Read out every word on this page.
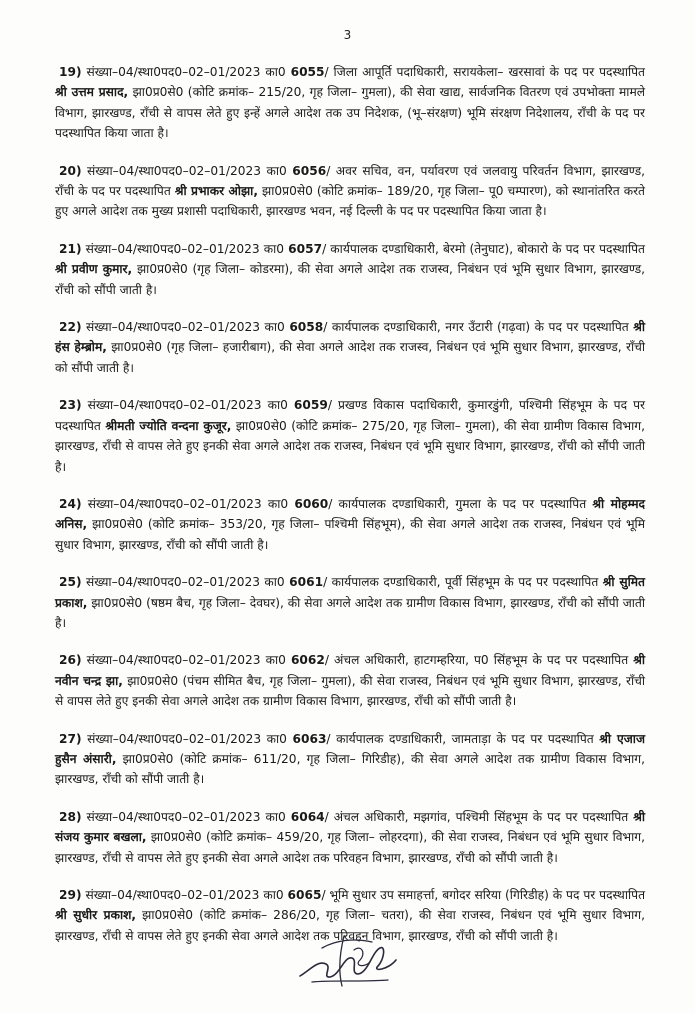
3

19) संख्या–04/स्था0पद0–02–01/2023 का0 6055/ जिला आपूर्ति पदाधिकारी, सरायकेला– खरसावां के पद पर पदस्थापित श्री उत्तम प्रसाद, झा0प्र0से0 (कोटि क्रमांक– 215/20, गृह जिला– गुमला), की सेवा खाद्य, सार्वजनिक वितरण एवं उपभोक्ता मामले विभाग, झारखण्ड, राँची से वापस लेते हुए इन्हें अगले आदेश तक उप निदेशक, (भू–संरक्षण) भूमि संरक्षण निदेशालय, राँची के पद पर पदस्थापित किया जाता है।

20) संख्या–04/स्था0पद0–02–01/2023 का0 6056/ अवर सचिव, वन, पर्यावरण एवं जलवायु परिवर्तन विभाग, झारखण्ड, राँची के पद पर पदस्थापित श्री प्रभाकर ओझा, झा0प्र0से0 (कोटि क्रमांक– 189/20, गृह जिला– पू0 चम्पारण), को स्थानांतरित करते हुए अगले आदेश तक मुख्य प्रशासी पदाधिकारी, झारखण्ड भवन, नई दिल्ली के पद पर पदस्थापित किया जाता है।

21) संख्या–04/स्था0पद0–02–01/2023 का0 6057/ कार्यपालक दण्डाधिकारी, बेरमो (तेनुघाट), बोकारो के पद पर पदस्थापित श्री प्रवीण कुमार, झा0प्र0से0 (गृह जिला– कोडरमा), की सेवा अगले आदेश तक राजस्व, निबंधन एवं भूमि सुधार विभाग, झारखण्ड, राँची को सौंपी जाती है।

22) संख्या–04/स्था0पद0–02–01/2023 का0 6058/ कार्यपालक दण्डाधिकारी, नगर उँटारी (गढ़वा) के पद पर पदस्थापित श्री हंस हेम्ब्रोम, झा0प्र0से0 (गृह जिला– हजारीबाग), की सेवा अगले आदेश तक राजस्व, निबंधन एवं भूमि सुधार विभाग, झारखण्ड, राँची को सौंपी जाती है।

23) संख्या–04/स्था0पद0–02–01/2023 का0 6059/ प्रखण्ड विकास पदाधिकारी, कुमारडुंगी, पश्चिमी सिंहभूम के पद पर पदस्थापित श्रीमती ज्योति वन्दना कुजूर, झा0प्र0से0 (कोटि क्रमांक– 275/20, गृह जिला– गुमला), की सेवा ग्रामीण विकास विभाग, झारखण्ड, राँची से वापस लेते हुए इनकी सेवा अगले आदेश तक राजस्व, निबंधन एवं भूमि सुधार विभाग, झारखण्ड, राँची को सौंपी जाती है।

24) संख्या–04/स्था0पद0–02–01/2023 का0 6060/ कार्यपालक दण्डाधिकारी, गुमला के पद पर पदस्थापित श्री मोहम्मद अनिस, झा0प्र0से0 (कोटि क्रमांक– 353/20, गृह जिला– पश्चिमी सिंहभूम), की सेवा अगले आदेश तक राजस्व, निबंधन एवं भूमि सुधार विभाग, झारखण्ड, राँची को सौंपी जाती है।

25) संख्या–04/स्था0पद0–02–01/2023 का0 6061/ कार्यपालक दण्डाधिकारी, पूर्वी सिंहभूम के पद पर पदस्थापित श्री सुमित प्रकाश, झा0प्र0से0 (षष्ठम बैच, गृह जिला– देवघर), की सेवा अगले आदेश तक ग्रामीण विकास विभाग, झारखण्ड, राँची को सौंपी जाती है।

26) संख्या–04/स्था0पद0–02–01/2023 का0 6062/ अंचल अधिकारी, हाटगम्हरिया, प0 सिंहभूम के पद पर पदस्थापित श्री नवीन चन्द्र झा, झा0प्र0से0 (पंचम सीमित बैच, गृह जिला– गुमला), की सेवा राजस्व, निबंधन एवं भूमि सुधार विभाग, झारखण्ड, राँची से वापस लेते हुए इनकी सेवा अगले आदेश तक ग्रामीण विकास विभाग, झारखण्ड, राँची को सौंपी जाती है।

27) संख्या–04/स्था0पद0–02–01/2023 का0 6063/ कार्यपालक दण्डाधिकारी, जामताड़ा के पद पर पदस्थापित श्री एजाज हुसैन अंसारी, झा0प्र0से0 (कोटि क्रमांक– 611/20, गृह जिला– गिरिडीह), की सेवा अगले आदेश तक ग्रामीण विकास विभाग, झारखण्ड, राँची को सौंपी जाती है।

28) संख्या–04/स्था0पद0–02–01/2023 का0 6064/ अंचल अधिकारी, मझगांव, पश्चिमी सिंहभूम के पद पर पदस्थापित श्री संजय कुमार बखला, झा0प्र0से0 (कोटि क्रमांक– 459/20, गृह जिला– लोहरदगा), की सेवा राजस्व, निबंधन एवं भूमि सुधार विभाग, झारखण्ड, राँची से वापस लेते हुए इनकी सेवा अगले आदेश तक परिवहन विभाग, झारखण्ड, राँची को सौंपी जाती है।

29) संख्या–04/स्था0पद0–02–01/2023 का0 6065/ भूमि सुधार उप समाहर्त्ता, बगोदर सरिया (गिरिडीह) के पद पर पदस्थापित श्री सुधीर प्रकाश, झा0प्र0से0 (कोटि क्रमांक– 286/20, गृह जिला– चतरा), की सेवा राजस्व, निबंधन एवं भूमि सुधार विभाग, झारखण्ड, राँची से वापस लेते हुए इनकी सेवा अगले आदेश तक परिवहन विभाग, झारखण्ड, राँची को सौंपी जाती है।
